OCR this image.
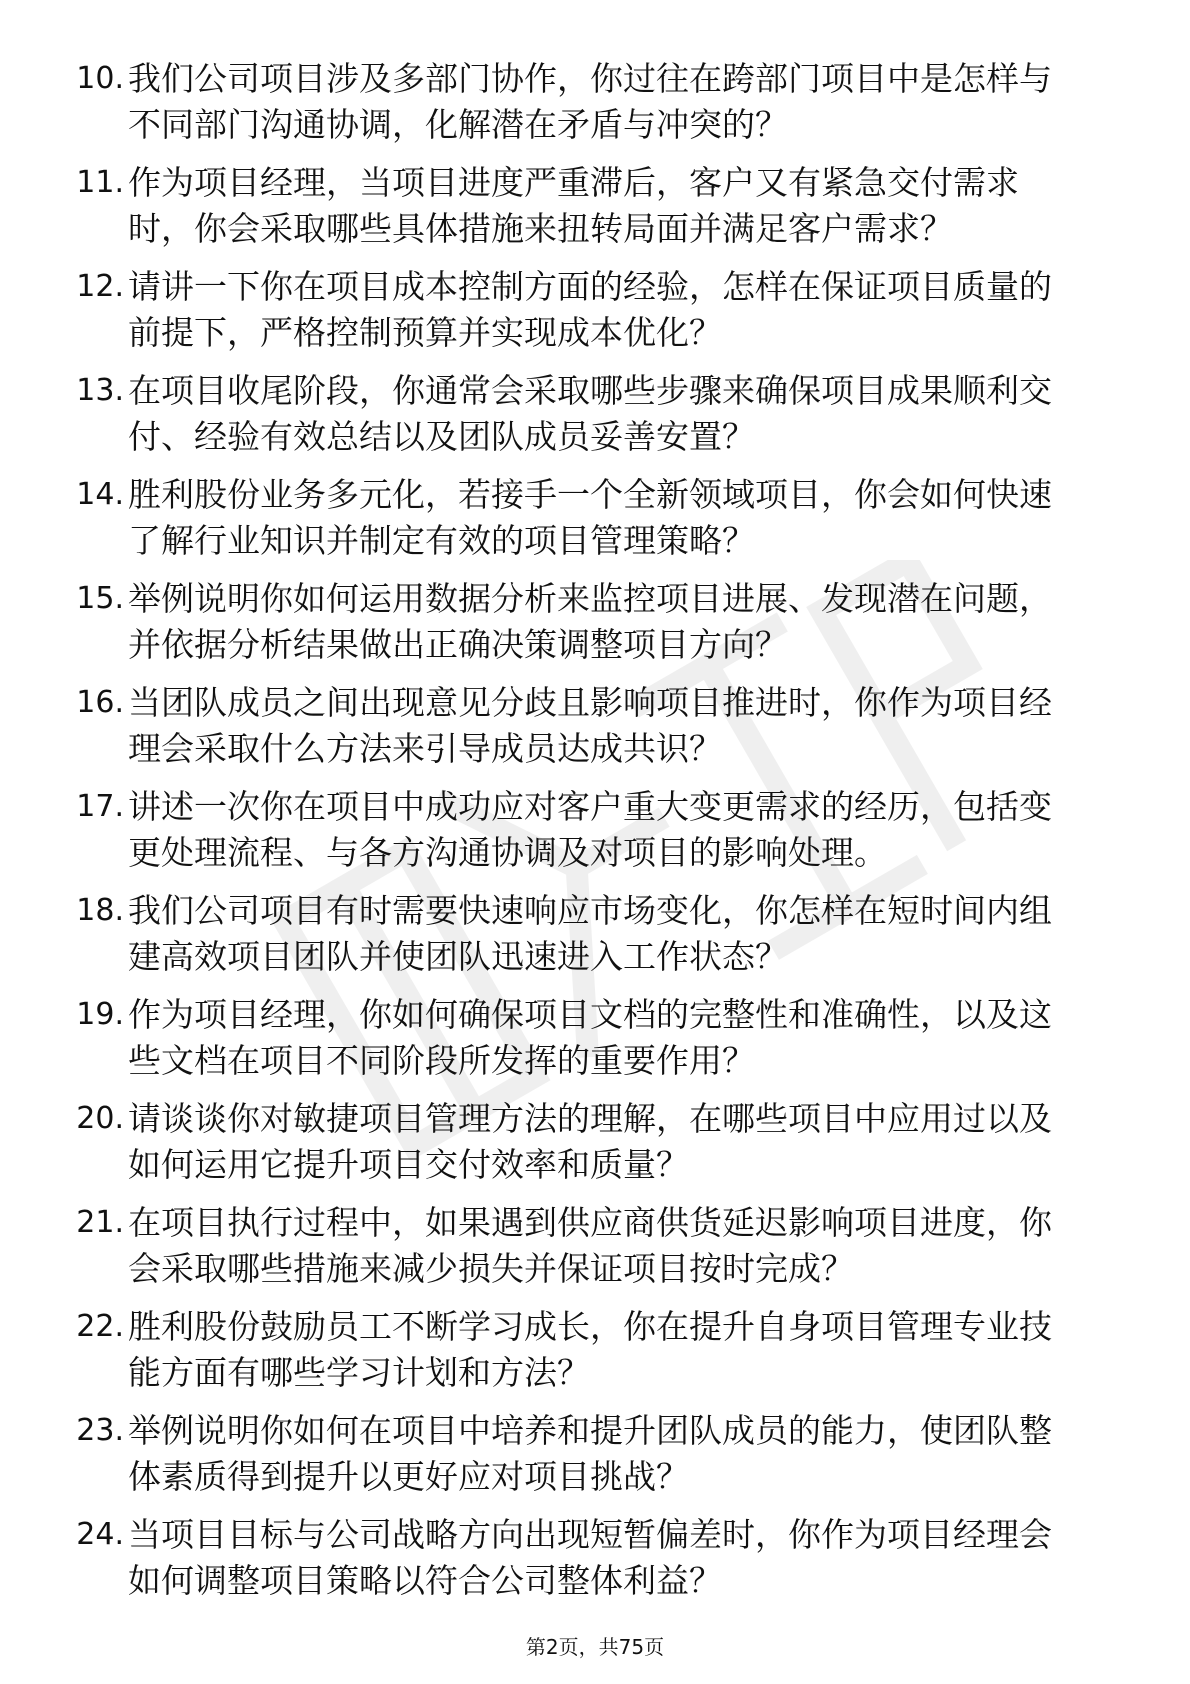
10. 我们公司项目涉及多部门协作，你过往在跨部门项目中是怎样与
不同部门沟通协调，化解潜在矛盾与冲突的？

11. 作为项目经理，当项目进度严重滞后，客户又有紧急交付需求
时，你会采取哪些具体措施来扭转局面并满足客户需求？

12. 请讲一下你在项目成本控制方面的经验，怎样在保证项目质量的
前提下，严格控制预算并实现成本优化？

13. 在项目收尾阶段，你通常会采取哪些步骤来确保项目成果顺利交
付、经验有效总结以及团队成员妥善安置？

14. 胜利股份业务多元化，若接手一个全新领域项目，你会如何快速
了解行业知识并制定有效的项目管理策略？

15. 举例说明你如何运用数据分析来监控项目进展、发现潜在问题，
并依据分析结果做出正确决策调整项目方向？

16. 当团队成员之间出现意见分歧且影响项目推进时，你作为项目经
理会采取什么方法来引导成员达成共识？

17. 讲述一次你在项目中成功应对客户重大变更需求的经历，包括变
更处理流程、与各方沟通协调及对项目的影响处理。

18. 我们公司项目有时需要快速响应市场变化，你怎样在短时间内组
建高效项目团队并使团队迅速进入工作状态？

19. 作为项目经理，你如何确保项目文档的完整性和准确性，以及这
些文档在项目不同阶段所发挥的重要作用？

20. 请谈谈你对敏捷项目管理方法的理解，在哪些项目中应用过以及
如何运用它提升项目交付效率和质量？

21. 在项目执行过程中，如果遇到供应商供货延迟影响项目进度，你
会采取哪些措施来减少损失并保证项目按时完成？

22. 胜利股份鼓励员工不断学习成长，你在提升自身项目管理专业技
能方面有哪些学习计划和方法？

23. 举例说明你如何在项目中培养和提升团队成员的能力，使团队整
体素质得到提升以更好应对项目挑战？

24. 当项目目标与公司战略方向出现短暂偏差时，你作为项目经理会
如何调整项目策略以符合公司整体利益？

第2页，共75页
